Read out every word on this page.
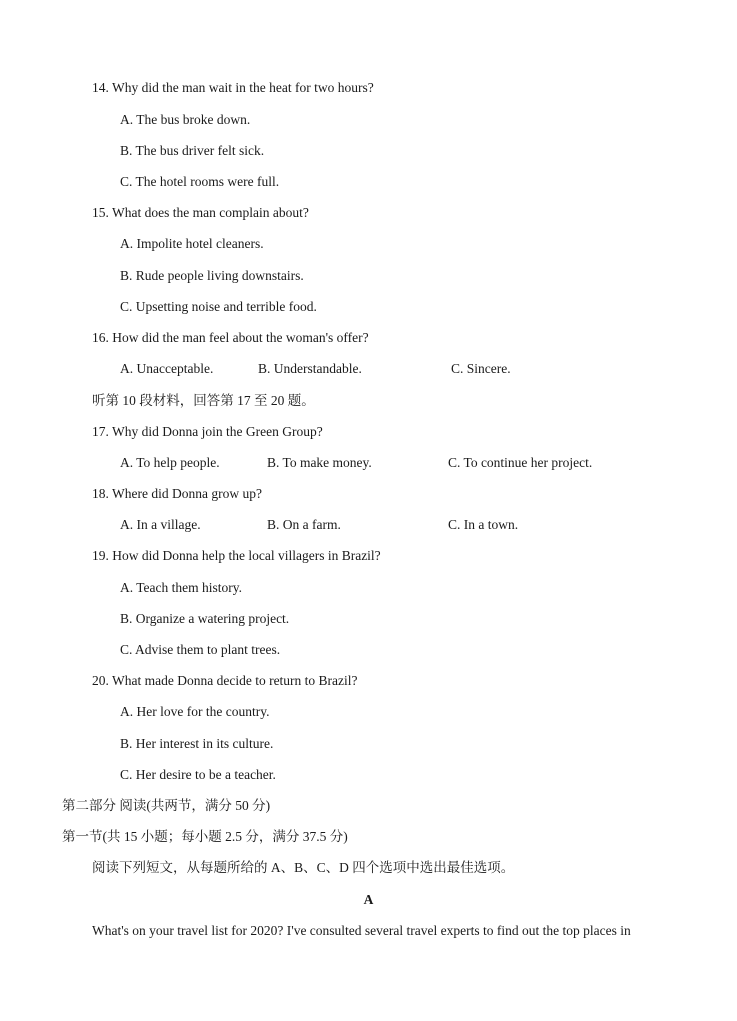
14. Why did the man wait in the heat for two hours?
A. The bus broke down.
B. The bus driver felt sick.
C. The hotel rooms were full.
15. What does the man complain about?
A. Impolite hotel cleaners.
B. Rude people living downstairs.
C. Upsetting noise and terrible food.
16. How did the man feel about the woman's offer?
A. Unacceptable.	B. Understandable.	C. Sincere.
听第 10 段材料，回答第 17 至 20 题。
17. Why did Donna join the Green Group?
A. To help people.	B. To make money.	C. To continue her project.
18. Where did Donna grow up?
A. In a village.	B. On a farm.	C. In a town.
19. How did Donna help the local villagers in Brazil?
A. Teach them history.
B. Organize a watering project.
C. Advise them to plant trees.
20. What made Donna decide to return to Brazil?
A. Her love for the country.
B. Her interest in its culture.
C. Her desire to be a teacher.
第二部分 阅读(共两节，满分 50 分)
第一节(共 15 小题；每小题 2.5 分，满分 37.5 分)
阅读下列短文，从每题所给的 A、B、C、D 四个选项中选出最佳选项。
A
What's on your travel list for 2020? I've consulted several travel experts to find out the top places in
